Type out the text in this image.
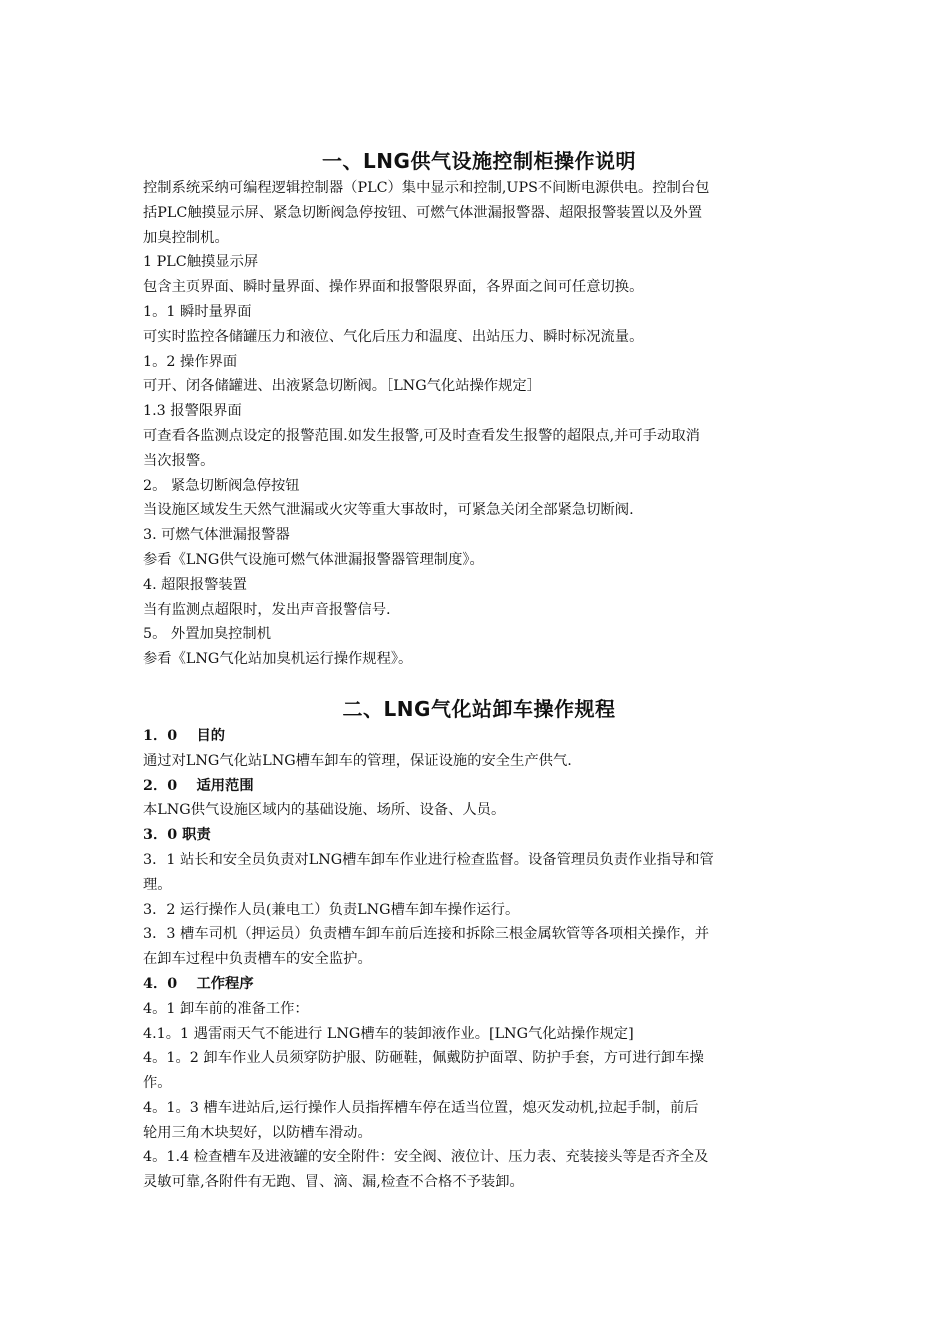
一、LNG供气设施控制柜操作说明

控制系统采纳可编程逻辑控制器（PLC）集中显示和控制,UPS不间断电源供电。控制台包

括PLC触摸显示屏、紧急切断阀急停按钮、可燃气体泄漏报警器、超限报警装置以及外置

加臭控制机。

1 PLC触摸显示屏

包含主页界面、瞬时量界面、操作界面和报警限界面，各界面之间可任意切换。

1。1 瞬时量界面

可实时监控各储罐压力和液位、气化后压力和温度、出站压力、瞬时标况流量。

1。2 操作界面

可开、闭各储罐进、出液紧急切断阀。［LNG气化站操作规定］

1.3 报警限界面

可查看各监测点设定的报警范围.如发生报警,可及时查看发生报警的超限点,并可手动取消

当次报警。

2。 紧急切断阀急停按钮

当设施区域发生天然气泄漏或火灾等重大事故时，可紧急关闭全部紧急切断阀.

3. 可燃气体泄漏报警器

参看《LNG供气设施可燃气体泄漏报警器管理制度》。

4. 超限报警装置

当有监测点超限时，发出声音报警信号.

5。 外置加臭控制机

参看《LNG气化站加臭机运行操作规程》。

二、LNG气化站卸车操作规程

1．0　 目的

通过对LNG气化站LNG槽车卸车的管理，保证设施的安全生产供气.

2．0　 适用范围

本LNG供气设施区域内的基础设施、场所、设备、人员。

3．0 职责

3．1 站长和安全员负责对LNG槽车卸车作业进行检查监督。设备管理员负责作业指导和管

理。

3．2 运行操作人员(兼电工）负责LNG槽车卸车操作运行。

3．3 槽车司机（押运员）负责槽车卸车前后连接和拆除三根金属软管等各项相关操作，并

在卸车过程中负责槽车的安全监护。

4．0　 工作程序

4。1 卸车前的准备工作：

4.1。1 遇雷雨天气不能进行 LNG槽车的装卸液作业。[LNG气化站操作规定]

4。1。2 卸车作业人员须穿防护服、防砸鞋，佩戴防护面罩、防护手套，方可进行卸车操

作。

4。1。3 槽车进站后,运行操作人员指挥槽车停在适当位置，熄灭发动机,拉起手制，前后

轮用三角木块契好，以防槽车滑动。

4。1.4 检查槽车及进液罐的安全附件：安全阀、液位计、压力表、充装接头等是否齐全及

灵敏可靠,各附件有无跑、冒、滴、漏,检查不合格不予装卸。
